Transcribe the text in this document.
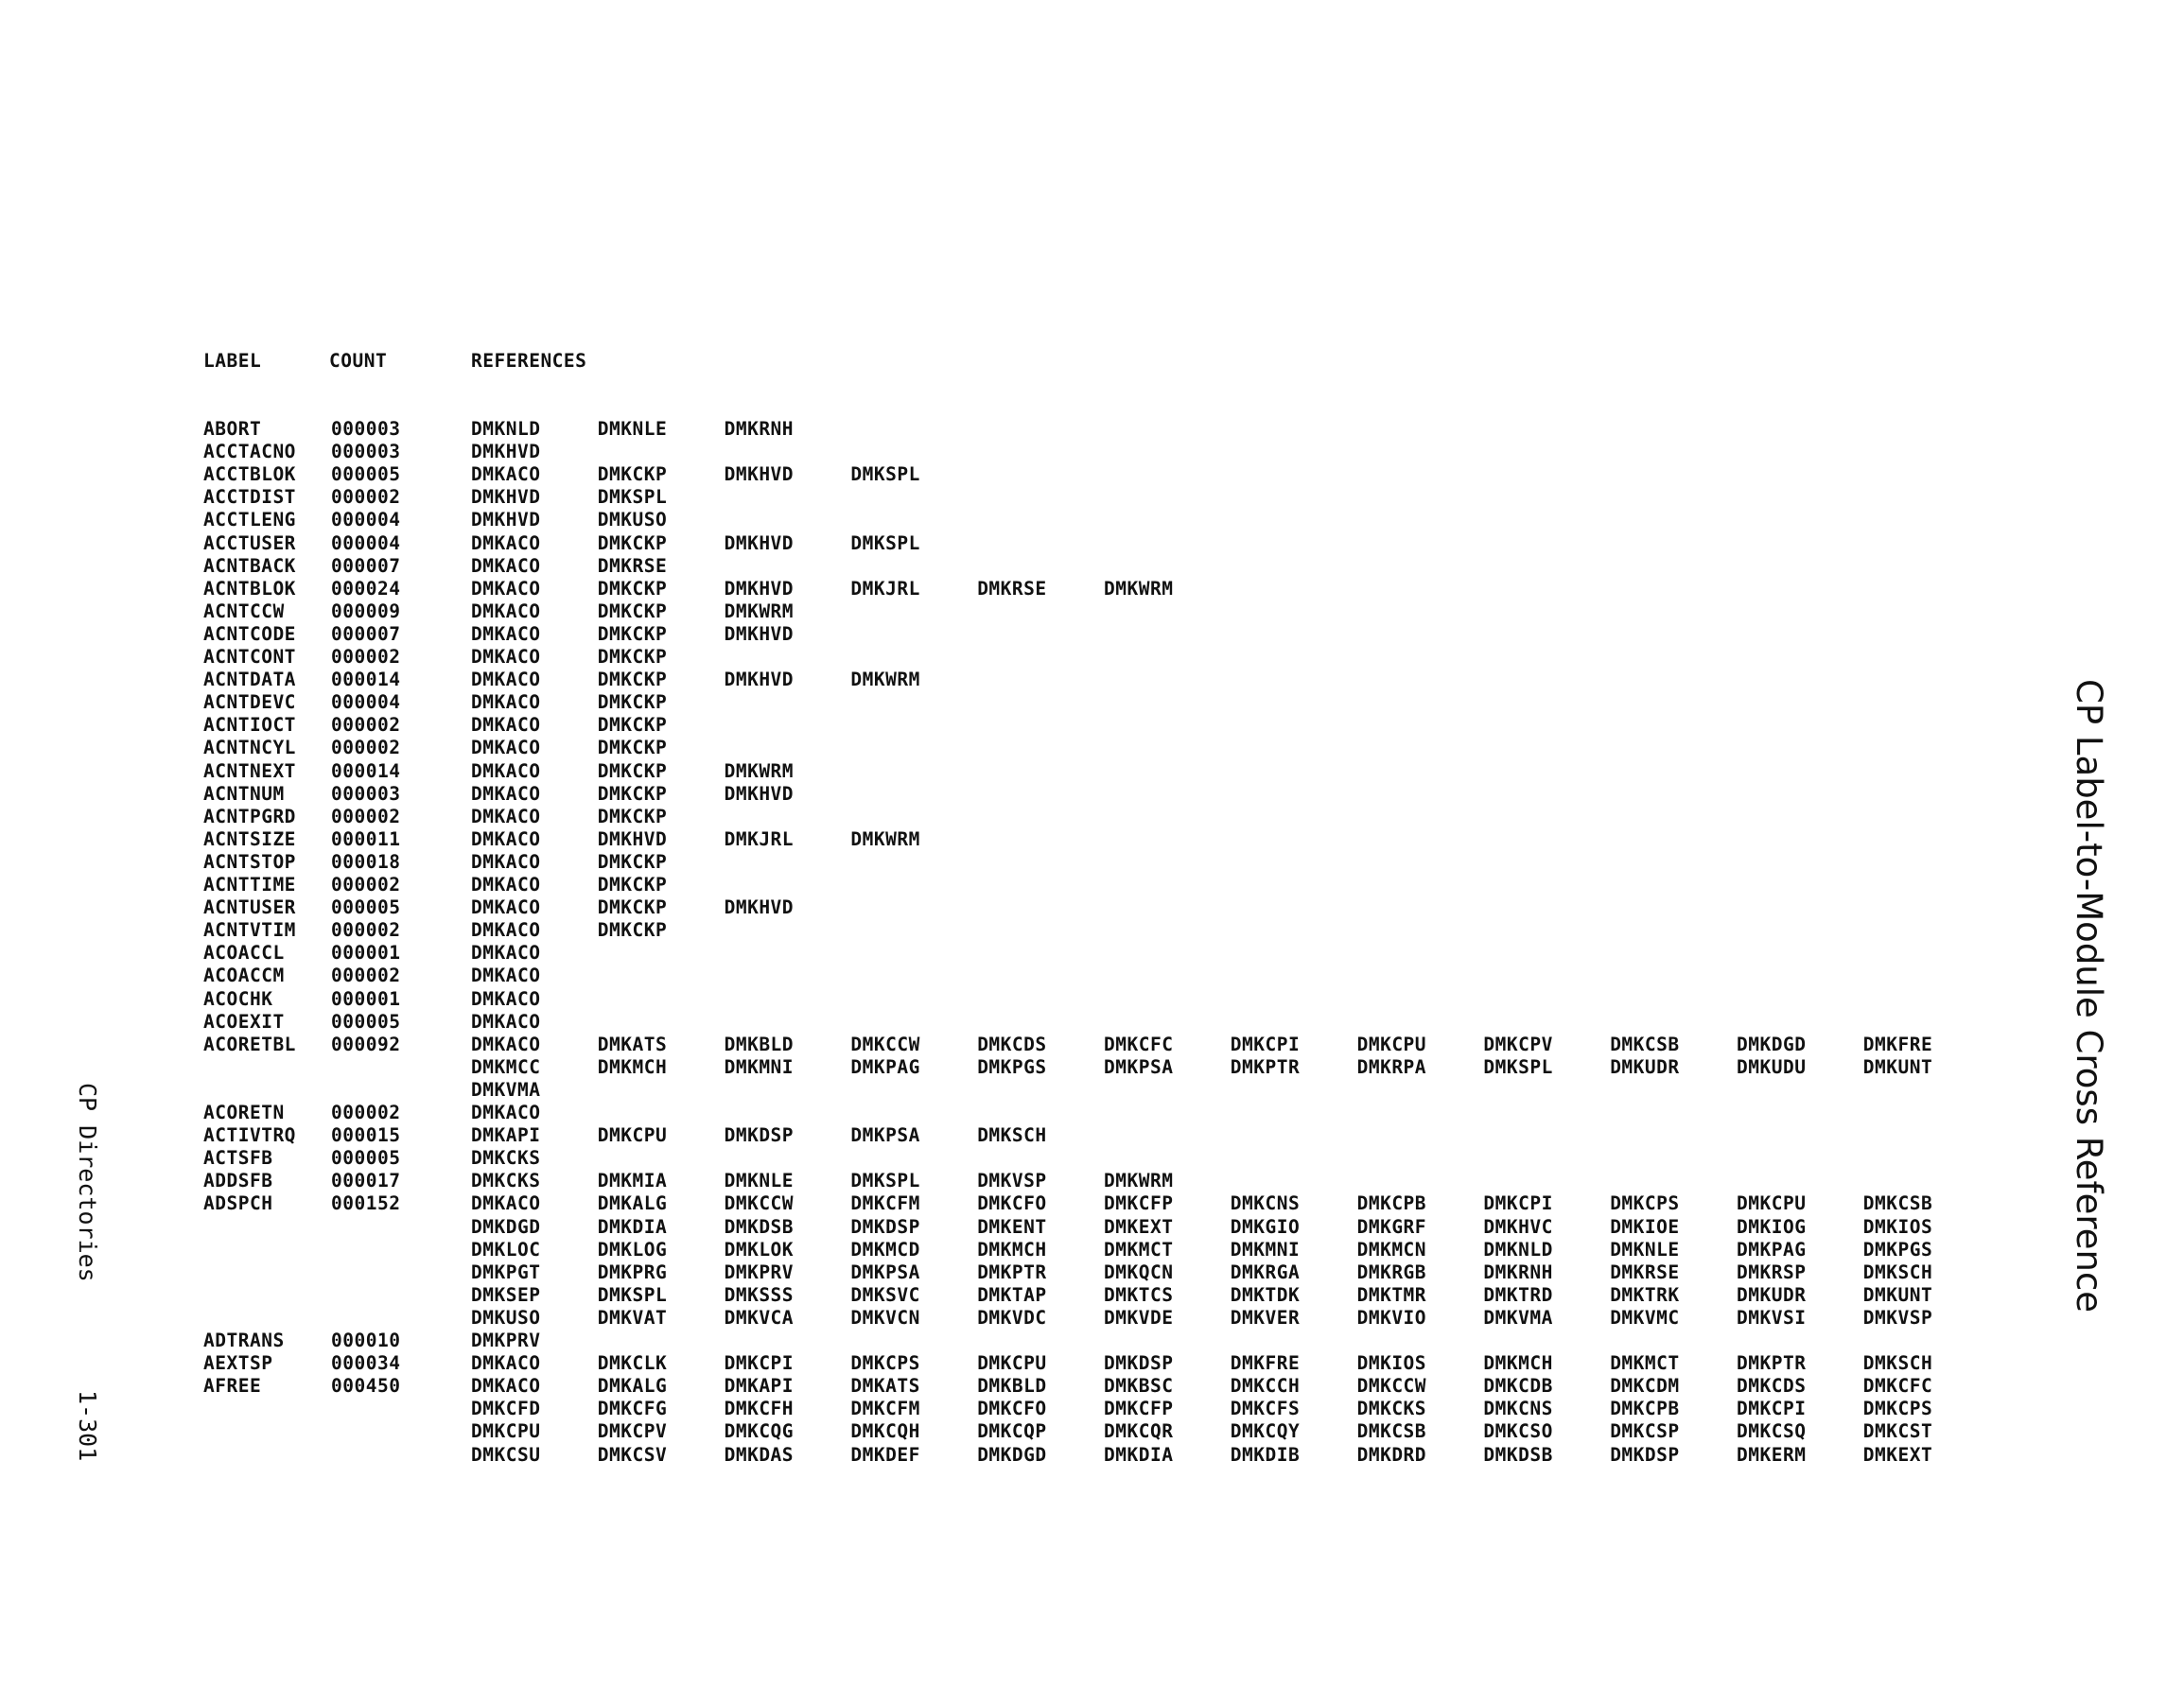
LABEL	COUNT	REFERENCES
ABORT	000003	DMKNLD	DMKNLE	DMKRNH
ACCTACNO 000003	DMKHVD
ACCTBLOK 000005	DMKACO	DMKCKP	DMKHVD	DMKSPL
ACCTDIST 000002	DMKHVD	DMKSPL
ACCTLENG 000004	DMKHVD	DMKUSO
ACCTUSER 000004	DMKACO	DMKCKP	DMKHVD	DMKSPL
ACNTBACK 000007	DMKACO	DMKRSE
ACNTBLOK 000024	DMKACO	DMKCKP	DMKHVD	DMKJRL	DMKRSE	DMKWRM
ACNTCCW	000009	DMKACO	DMKCKP	DMKWRM
ACNTCODE 000007	DMKACO	DMKCKP	DMKHVD
ACNTCONT 000002	DMKACO	DMKCKP
ACNTDATA 000014	DMKACO	DMKCKP	DMKHVD	DMKWRM
ACNTDEVC 000004	DMKACO	DMKCKP
ACNTIOCT 000002	DMKACO	DMKCKP
ACNTNCYL 000002	DMKACO	DMKCKP
ACNTNEXT 000014	DMKACO	DMKCKP	DMKWRM
ACNTNUM	000003	DMKACO	DMKCKP	DMKHVD
ACNTPGRD 000002	DMKACO	DMKCKP
ACNTSIZE 000011	DMKACO	DMKHVD	DMKJRL	DMKWRM
ACNTSTOP 000018	DMKACO	DMKCKP
ACNTTIME 000002	DMKACO	DMKCKP
ACNTUSER 000005	DMKACO	DMKCKP	DMKHVD
ACNTVTIM 000002	DMKACO	DMKCKP
ACOACCL	000001	DMKACO
ACOACCM	000002	DMKACO
ACOCHK	000001	DMKACO
ACOEXIT	000005	DMKACO
ACORETBL 000092	DMKACO	DMKATS	DMKBLD	DMKCCW	DMKCDS	DMKCFC	DMKCPI	DMKCPU	DMKCPV	DMKCSB	DMKDGD	DMKFRE
DMKMCC	DMKMCH	DMKMNI	DMKPAG	DMKPGS	DMKPSA	DMKPTR	DMKRPA	DMKSPL	DMKUDR	DMKUDU	DMKUNT
DMKVMA
ACORETN	000002	DMKACO
ACTIVTRQ 000015	DMKAPI	DMKCPU	DMKDSP	DMKPSA	DMKSCH
ACTSFB	000005	DMKCKS
ADDSFB	000017	DMKCKS	DMKMIA	DMKNLE	DMKSPL	DMKVSP	DMKWRM
ADSPCH	000152	DMKACO	DMKALG	DMKCCW	DMKCFM	DMKCFO	DMKCFP	DMKCNS	DMKCPB	DMKCPI	DMKCPS	DMKCPU	DMKCSB
DMKDGD	DMKDIA	DMKDSB	DMKDSP	DMKENT	DMKEXT	DMKGIO	DMKGRF	DMKHVC	DMKIOE	DMKIOG	DMKIOS
DMKLOC	DMKLOG	DMKLOK	DMKMCD	DMKMCH	DMKMCT	DMKMNI	DMKMCN	DMKNLD	DMKNLE	DMKPAG	DMKPGS
DMKPGT	DMKPRG	DMKPRV	DMKPSA	DMKPTR	DMKQCN	DMKRGA	DMKRGB	DMKRNH	DMKRSE	DMKRSP	DMKSCH
DMKSEP	DMKSPL	DMKSSS	DMKSVC	DMKTAP	DMKTCS	DMKTDK	DMKTMR	DMKTRD	DMKTRK	DMKUDR	DMKUNT
DMKUSO	DMKVAT	DMKVCA	DMKVCN	DMKVDC	DMKVDE	DMKVER	DMKVIO	DMKVMA	DMKVMC	DMKVSI	DMKVSP
ADTRANS	000010	DMKPRV
AEXTSP	000034	DMKACO	DMKCLK	DMKCPI	DMKCPS	DMKCPU	DMKDSP	DMKFRE	DMKIOS	DMKMCH	DMKMCT	DMKPTR	DMKSCH
AFREE	000450	DMKACO	DMKALG	DMKAPI	DMKATS	DMKBLD	DMKBSC	DMKCCH	DMKCCW	DMKCDB	DMKCDM	DMKCDS	DMKCFC
DMKCFD	DMKCFG	DMKCFH	DMKCFM	DMKCFO	DMKCFP	DMKCFS	DMKCKS	DMKCNS	DMKCPB	DMKCPI	DMKCPS
DMKCPU	DMKCPV	DMKCQG	DMKCQH	DMKCQP	DMKCQR	DMKCQY	DMKCSB	DMKCSO	DMKCSP	DMKCSQ	DMKCST
DMKCSU	DMKCSV	DMKDAS	DMKDEF	DMKDGD	DMKDIA	DMKDIB	DMKDRD	DMKDSB	DMKDSP	DMKERM	DMKEXT
CP Label-to-Module Cross Reference
CP Directories
1-301
